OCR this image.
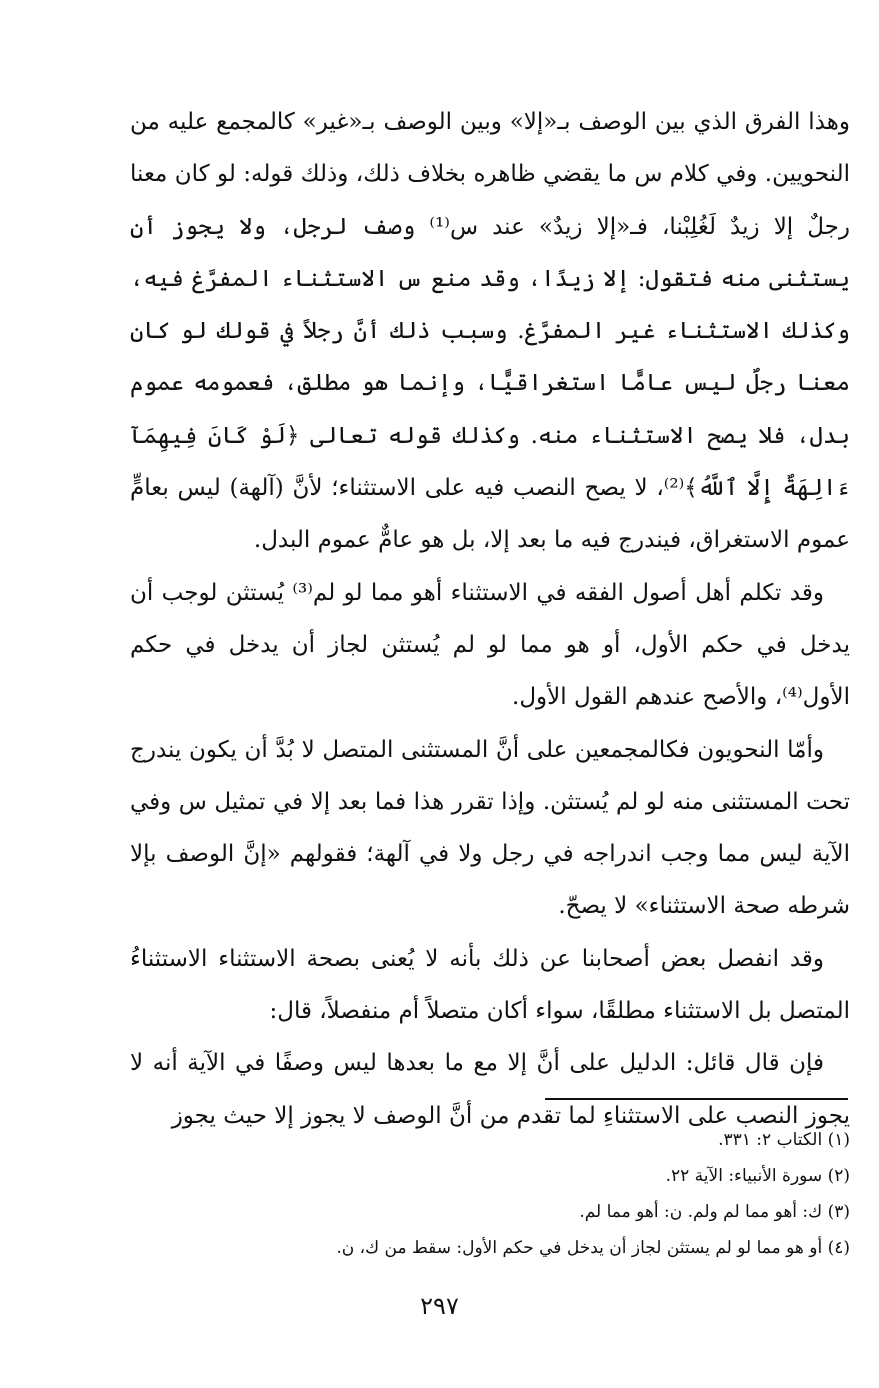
وهذا الفرق الذي بين الوصف بـ«إلا» وبين الوصف بـ«غير» كالمجمع عليه من النحويين. وفي كلام س ما يقضي ظاهره بخلاف ذلك، وذلك قوله: لو كان معنا رجلٌ إلا زيدٌ لَغُلِبْنا، فـ«إلا زيدٌ» عند س⁽¹⁾ وصف لرجل، ولا يجوز أن يستثنى منه فتقول: إلا زيدًا، وقد منع س الاستثناء المفرَّغ فيه، وكذلك الاستثناء غير المفرَّغ. وسبب ذلك أنَّ رجلاً في قولك لو كان معنا رجلٌ ليس عامًّا استغراقيًّا، وإنما هو مطلق، فعمومه عموم بدل، فلا يصح الاستثناء منه. وكذلك قوله تعالى ﴿لَوْ كَانَ فِيهِمَآ ءَالِهَةٌ إِلَّا ٱللَّهُ﴾⁽²⁾، لا يصح النصب فيه على الاستثناء؛ لأنَّ (آلهة) ليس بعامٍّ عموم الاستغراق، فيندرج فيه ما بعد إلا، بل هو عامٌّ عموم البدل.

وقد تكلم أهل أصول الفقه في الاستثناء أهو مما لو لم⁽³⁾ يُستثن لوجب أن يدخل في حكم الأول، أو هو مما لو لم يُستثن لجاز أن يدخل في حكم الأول⁽⁴⁾، والأصح عندهم القول الأول.

وأمّا النحويون فكالمجمعين على أنَّ المستثنى المتصل لا بُدَّ أن يكون يندرج تحت المستثنى منه لو لم يُستثن. وإذا تقرر هذا فما بعد إلا في تمثيل س وفي الآية ليس مما وجب اندراجه في رجل ولا في آلهة؛ فقولهم «إنَّ الوصف بإلا شرطه صحة الاستثناء» لا يصحّ.

وقد انفصل بعض أصحابنا عن ذلك بأنه لا يُعنى بصحة الاستثناء الاستثناءُ المتصل بل الاستثناء مطلقًا، سواء أكان متصلاً أم منفصلاً، قال:

فإن قال قائل: الدليل على أنَّ إلا مع ما بعدها ليس وصفًا في الآية أنه لا يجوز النصب على الاستثناءِ لما تقدم من أنَّ الوصف لا يجوز إلا حيث يجوز

(١) الكتاب ٢: ٣٣١.
(٢) سورة الأنبياء: الآية ٢٢.
(٣) ك: أهو مما لم ولم. ن: أهو مما لم.
(٤) أو هو مما لو لم يستثن لجاز أن يدخل في حكم الأول: سقط من ك، ن.
٢٩٧
